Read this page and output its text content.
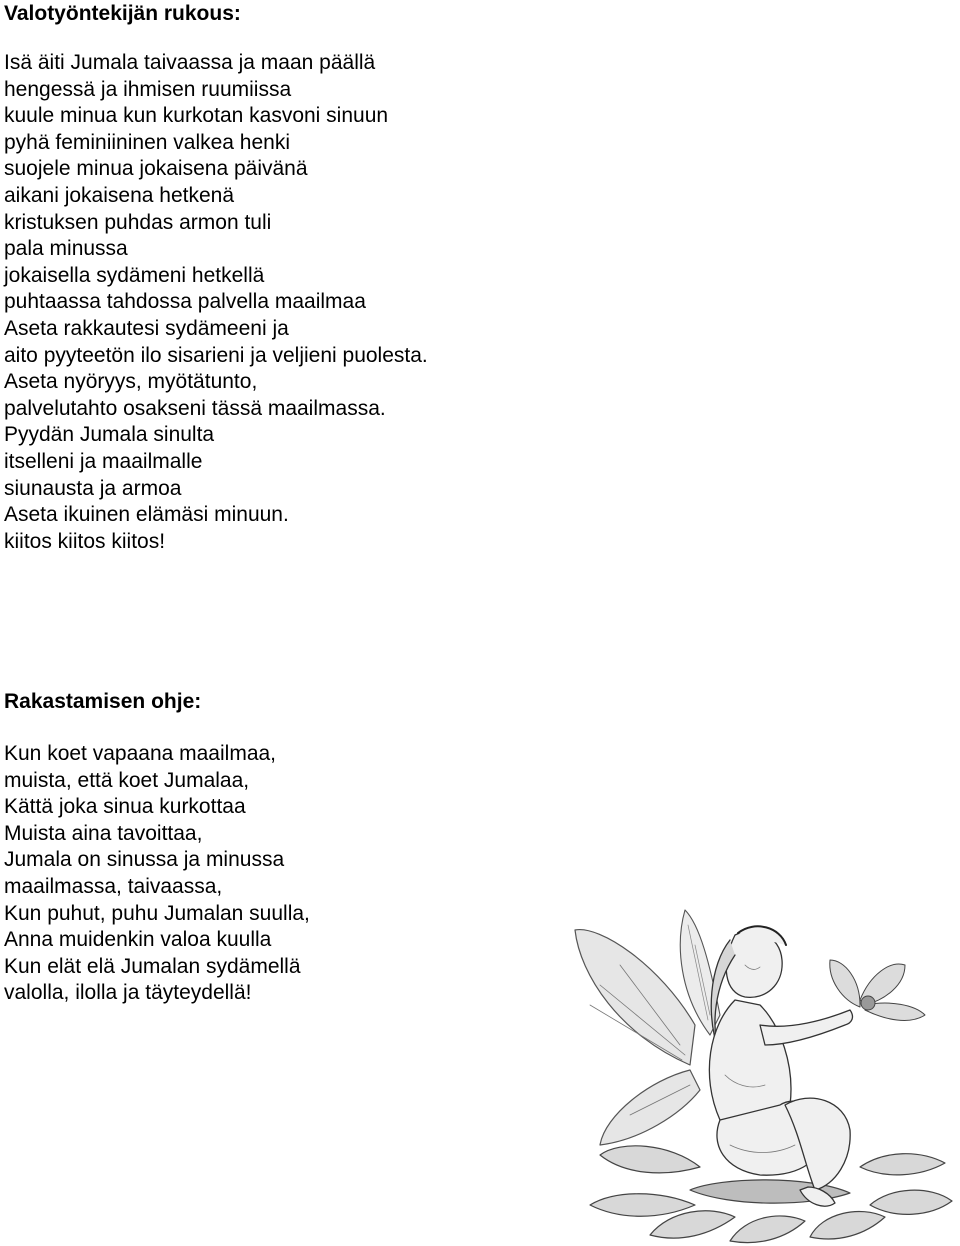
Valotyöntekijän rukous:
Isä äiti Jumala taivaassa ja maan päällä
hengessä ja ihmisen ruumiissa
kuule minua kun kurkotan kasvoni sinuun
pyhä feminiininen valkea henki
suojele minua jokaisena päivänä
aikani jokaisena hetkenä
kristuksen puhdas armon tuli
pala minussa
jokaisella sydämeni hetkellä
puhtaassa tahdossa palvella maailmaa
Aseta rakkautesi sydämeeni ja
aito pyyteetön ilo sisarieni ja veljieni puolesta.
Aseta nyöryys, myötätunto,
palvelutahto osakseni tässä maailmassa.
Pyydän Jumala sinulta
itselleni ja maailmalle
siunausta ja armoa
Aseta ikuinen elämäsi minuun.
kiitos kiitos kiitos!
Rakastamisen ohje:
Kun koet vapaana maailmaa,
muista, että koet Jumalaa,
Kättä joka sinua kurkottaa
Muista aina tavoittaa,
Jumala on sinussa ja minussa
maailmassa, taivaassa,
Kun puhut, puhu Jumalan suulla,
Anna muidenkin valoa kuulla
Kun elät elä Jumalan sydämellä
valolla, ilolla ja täyteydellä!
